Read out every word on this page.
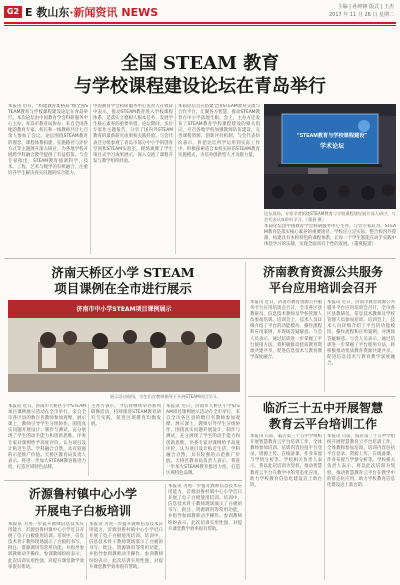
G2 E 教山东·新闻资讯 NEWS	主编 | 孙钟锋 版式 | 王杰
2017 年 11 月 26 日 星期二
全国 STEAM 教育
与学校课程建设论坛在青岛举行
本报讯 近日，"构建教育新格局"暨全国STEAM教育与学校课程建设论坛在青岛举行。本次论坛由中国教育学会科研服务中心主办，青岛市教育局协办，来自全国各地的教育专家、校长和一线教师共计七百余人参加了会议。论坛围绕STEAM教育的理念、课程体系构建、实施路径与评价方式等主题展开深入研讨，为各地学校开展跨学科融合教学提供了有益借鉴。与会专家指出，STEAM教育强调科学、技术、工程、艺术与数学的有机融合，注重培养学生解决真实问题的综合能力。
中国教育学会科研服务中心负责人在致辞中表示，推动STEAM教育进入学校课程体系，是落实立德树人根本任务、发展学生核心素养的重要举措。论坛期间，多位专家作主题报告，分享了国内外STEAM教育的最新研究成果和实践经验。与会代表还分组参观了青岛市部分中小学的创客空间和STEAM实验室，现场观摩了学生项目式学习成果展示，深入交流了课程开发与教学组织经验。
本届论坛旨在搭建全国STEAM教育交流与合作平台，汇聚各方智慧，推动STEAM教育在中小学落地生根。会上，主办方还发布了STEAM教育学校课程建设的相关倡议，号召各地学校加强教师队伍建设，完善课程资源，创新评价机制。与会代表纷纷表示，将把论坛所学运用到实际工作中，积极探索适合本校实际的STEAM教育实施模式，为培养创新型人才贡献力量。
"STEAM教育与学校课程建设"
学术论坛
论坛现场，专家学者围绕STEAM教育与学校课程建设展开深入研讨，与会代表认真聆听学习。（董燕 摄）
本届论坛由中国教育学会科研服务中心主办。与会专家认为，STEAM教育是落实核心素养的重要途径，学校应立足实际，整合校内外资源，构建具有本校特色的课程体系，让每一个学生都能在动手实践中体验学习的乐趣，实现全面而有个性的发展。（董燕报道）
济南天桥区小学 STEAM
项目课例在全市进行展示
济南市中小学STEAM项目课例展示
展示活动现场，学生们在教师指导下开展STEAM项目学习。
本报讯 近日，济南市天桥区小学STEAM项目课例展示活动在全市举行，来自全市各区县的数百名教师参加观摩。展示课上，教师引导学生分组协作，围绕真实问题开展设计、制作与测试，充分展现了学生的动手能力和创新思维。评委专家对课例给予高度评价，认为项目设计贴近生活、学科融合自然，具有较强的示范推广价值。天桥区教育局负责人表示，将进一步加大STEAM教育推进力度，打造区域特色品牌。
主办方表示，今后将继续举办系列研修活动，持续推进STEAM教育研究与实践，促进区域教育均衡发展。
本报讯 近日，济南市天桥区小学STEAM项目课例展示活动在全市举行，来自全市各区县的数百名教师参加观摩。展示课上，教师引导学生分组协作，围绕真实问题开展设计、制作与测试，充分展现了学生的动手能力和创新思维。评委专家对课例给予高度评价，认为项目设计贴近生活、学科融合自然，具有较强的示范推广价值。天桥区教育局负责人表示，将进一步加大STEAM教育推进力度，打造区域特色品牌。
济南教育资源公共服务
平台应用培训会召开
本报讯 近日，济南市教育资源公共服务平台应用培训会召开，全市各区县教研员、信息技术教师及学校管理人员参加培训。培训会上，技术人员详细介绍了平台的功能模块、操作流程和应用案例，并现场答疑解惑。与会人员表示，通过培训进一步掌握了平台使用方法，将积极推动优质教育资源共建共享，促进信息技术与教育教学深度融合。
本报讯 近日，济南市教育资源公共服务平台应用培训会召开，全市各区县教研员、信息技术教师及学校管理人员参加培训。培训会上，技术人员详细介绍了平台的功能模块、操作流程和应用案例，并现场答疑解惑。与会人员表示，通过培训进一步掌握了平台使用方法，将积极推动优质教育资源共建共享，促进信息技术与教育教学深度融合。
临沂三十五中开展智慧
教育云平台培训工作
本报讯 日前，临沂第三十五中学组织开展智慧教育云平台培训工作，全体教师参加培训。培训内容包括平台登录、资源上传、在线备课、作业布置与学情分析等。学校相关负责人表示，将以此次培训为契机，推动智慧教育云平台在教学中的常态化应用，助力学校教育信息化建设迈上新台阶。
本报讯 日前，临沂第三十五中学组织开展智慧教育云平台培训工作，全体教师参加培训。培训内容包括平台登录、资源上传、在线备课、作业布置与学情分析等。学校相关负责人表示，将以此次培训为契机，推动智慧教育云平台在教学中的常态化应用，助力学校教育信息化建设迈上新台阶。
沂源鲁村镇中心小学
开展电子白板培训
本报讯 为进一步提升教师信息技术应用能力，沂源县鲁村镇中心小学近日开展了电子白板使用培训。培训中，信息技术骨干教师现场演示了白板的书写、批注、资源调用等常用功能，并指导参训教师动手操作。参训教师纷纷表示，此次培训实用性强，对提升课堂教学效率很有帮助。
本报讯 为进一步提升教师信息技术应用能力，沂源县鲁村镇中心小学近日开展了电子白板使用培训。培训中，信息技术骨干教师现场演示了白板的书写、批注、资源调用等常用功能，并指导参训教师动手操作。参训教师纷纷表示，此次培训实用性强，对提升课堂教学效率很有帮助。
本报讯 为进一步提升教师信息技术应用能力，沂源县鲁村镇中心小学近日开展了电子白板使用培训。培训中，信息技术骨干教师现场演示了白板的书写、批注、资源调用等常用功能，并指导参训教师动手操作。参训教师纷纷表示，此次培训实用性强，对提升课堂教学效率很有帮助。
